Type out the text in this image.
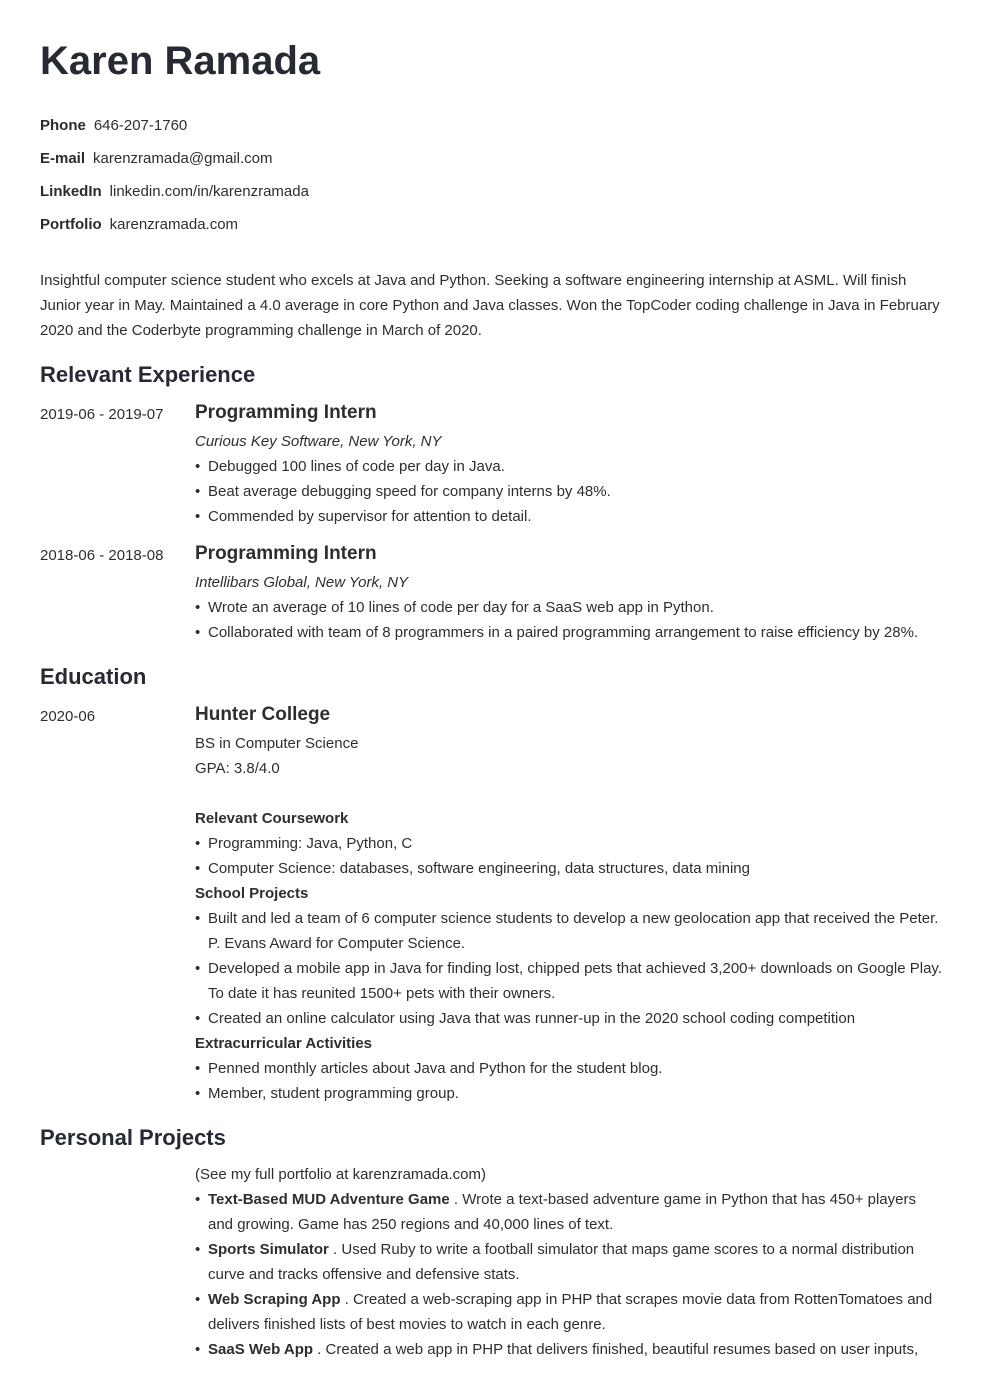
Karen Ramada
Phone 646-207-1760
E-mail karenzramada@gmail.com
LinkedIn linkedin.com/in/karenzramada
Portfolio karenzramada.com
Insightful computer science student who excels at Java and Python. Seeking a software engineering internship at ASML. Will finish Junior year in May. Maintained a 4.0 average in core Python and Java classes. Won the TopCoder coding challenge in Java in February 2020 and the Coderbyte programming challenge in March of 2020.
Relevant Experience
2019-06 - 2019-07	Programming Intern
Curious Key Software, New York, NY
• Debugged 100 lines of code per day in Java.
• Beat average debugging speed for company interns by 48%.
• Commended by supervisor for attention to detail.
2018-06 - 2018-08	Programming Intern
Intellibars Global, New York, NY
• Wrote an average of 10 lines of code per day for a SaaS web app in Python.
• Collaborated with team of 8 programmers in a paired programming arrangement to raise efficiency by 28%.
Education
2020-06	Hunter College
BS in Computer Science
GPA: 3.8/4.0
Relevant Coursework
• Programming: Java, Python, C
• Computer Science: databases, software engineering, data structures, data mining
School Projects
• Built and led a team of 6 computer science students to develop a new geolocation app that received the Peter. P. Evans Award for Computer Science.
• Developed a mobile app in Java for finding lost, chipped pets that achieved 3,200+ downloads on Google Play. To date it has reunited 1500+ pets with their owners.
• Created an online calculator using Java that was runner-up in the 2020 school coding competition
Extracurricular Activities
• Penned monthly articles about Java and Python for the student blog.
• Member, student programming group.
Personal Projects
(See my full portfolio at karenzramada.com)
• Text-Based MUD Adventure Game . Wrote a text-based adventure game in Python that has 450+ players and growing. Game has 250 regions and 40,000 lines of text.
• Sports Simulator . Used Ruby to write a football simulator that maps game scores to a normal distribution curve and tracks offensive and defensive stats.
• Web Scraping App . Created a web-scraping app in PHP that scrapes movie data from RottenTomatoes and delivers finished lists of best movies to watch in each genre.
• SaaS Web App . Created a web app in PHP that delivers finished, beautiful resumes based on user inputs,
